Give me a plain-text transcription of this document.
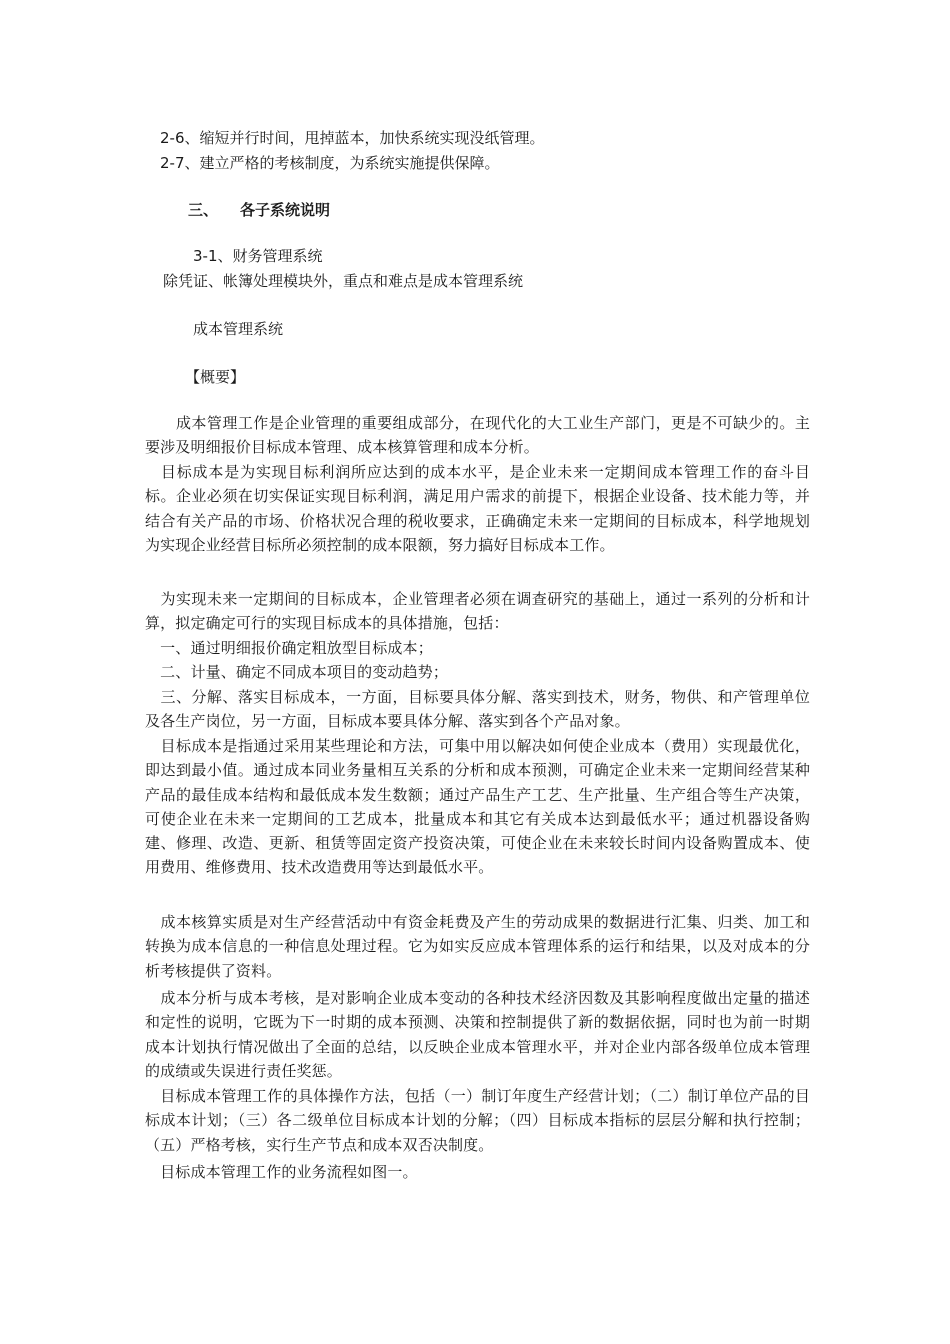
2-6、缩短并行时间，甩掉蓝本，加快系统实现没纸管理。
2-7、建立严格的考核制度，为系统实施提供保障。
三、 各子系统说明
3-1、财务管理系统
除凭证、帐簿处理模块外，重点和难点是成本管理系统
成本管理系统
【概要】

　　成本管理工作是企业管理的重要组成部分，在现代化的大工业生产部门，更是不可缺少的。主要涉及明细报价目标成本管理、成本核算管理和成本分析。

　目标成本是为实现目标利润所应达到的成本水平，是企业未来一定期间成本管理工作的奋斗目标。企业必须在切实保证实现目标利润，满足用户需求的前提下，根据企业设备、技术能力等，并结合有关产品的市场、价格状况合理的税收要求，正确确定未来一定期间的目标成本，科学地规划为实现企业经营目标所必须控制的成本限额，努力搞好目标成本工作。

　为实现未来一定期间的目标成本，企业管理者必须在调查研究的基础上，通过一系列的分析和计算，拟定确定可行的实现目标成本的具体措施，包括：

　一、通过明细报价确定粗放型目标成本；

　二、计量、确定不同成本项目的变动趋势；

　三、分解、落实目标成本，一方面，目标要具体分解、落实到技术，财务，物供、和产管理单位及各生产岗位，另一方面，目标成本要具体分解、落实到各个产品对象。

　目标成本是指通过采用某些理论和方法，可集中用以解决如何使企业成本（费用）实现最优化，即达到最小值。通过成本同业务量相互关系的分析和成本预测，可确定企业未来一定期间经营某种产品的最佳成本结构和最低成本发生数额；通过产品生产工艺、生产批量、生产组合等生产决策，可使企业在未来一定期间的工艺成本，批量成本和其它有关成本达到最低水平；通过机器设备购建、修理、改造、更新、租赁等固定资产投资决策，可使企业在未来较长时间内设备购置成本、使用费用、维修费用、技术改造费用等达到最低水平。

　成本核算实质是对生产经营活动中有资金耗费及产生的劳动成果的数据进行汇集、归类、加工和转换为成本信息的一种信息处理过程。它为如实反应成本管理体系的运行和结果，以及对成本的分析考核提供了资料。

　成本分析与成本考核，是对影响企业成本变动的各种技术经济因数及其影响程度做出定量的描述和定性的说明，它既为下一时期的成本预测、决策和控制提供了新的数据依据，同时也为前一时期成本计划执行情况做出了全面的总结，以反映企业成本管理水平，并对企业内部各级单位成本管理的成绩或失误进行责任奖惩。

　目标成本管理工作的具体操作方法，包括（一）制订年度生产经营计划；（二）制订单位产品的目标成本计划；（三）各二级单位目标成本计划的分解；（四）目标成本指标的层层分解和执行控制；（五）严格考核，实行生产节点和成本双否决制度。

　目标成本管理工作的业务流程如图一。
